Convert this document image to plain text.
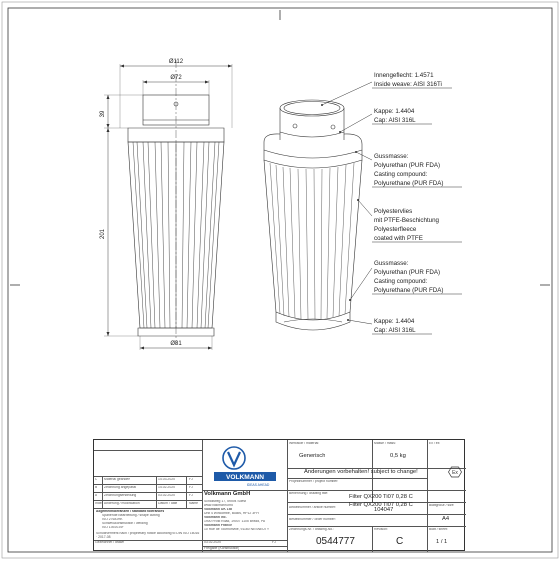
Ø112
Ø72
Ø81
39
201
Innengeflecht: 1.4571
Inside weave: AISI 316Ti
Kappe: 1.4404
Cap: AISI 316L
Gussmasse:
Polyurethan (PUR FDA)
Casting compound:
Polyurethane (PUR FDA)
Polyestervlies
mit PTFE-Beschichtung
Polyesterfleece
coated with PTFE
Gussmasse:
Polyurethan (PUR FDA)
Casting compound:
Polyurethane (PUR FDA)
Kappe: 1.4404
Cap: AISI 316L
VOLKMANN
IDEAS AHEAD
Volkmann GmbH
Schloitweg 17, 59494 Soest
www.volkmann.info
Volkmann UK Ltd
Unit 4 Wincombe, Bucks, HP12 3FH
Volkmann Inc.
1900 Frost Road, 19007 1105 Bristol, PA
Volkmann France
10 Rue de Tournonville, 91160 NESNEUTY
03.02.2020	FJ
Freigabe (Konstruktion)
Gezeichnet / drawn
C Material geändert	14.03.2020	FJ
B Zeichnung angepasst	14.02.2020	FJ
A Zeichnungserstellung	03.02.2020	FJ
Index Änderung / modification	Datum / date	Name
Allgemeintoleranzen / standard tolerances
Spanende Bearbeitung / shape cutting
ISO 2768-mK
Schweißkonstruktion / welding
ISO 13920-BF
Schutzvermerk nach / proprietary notice according to DIN ISO 16016 · 2017-08
Werkstoff / material:
Generisch
Masse / mass:
0,5 kg
Ex / ex:
Ex
Änderungen vorbehalten! subject to change!
Projektnummer / project number:
Benennung / drawing title:
Filter QX200 Ti07 0,28 C
Filter QX200 Ti07 0,28 C
Artikelnummer / article number:	104047
Blattgröße / size:
A4
Bestellnummer / order number:
Zeichnungs-Nr. / drawing-No.:
0544777
Revision:
C
Blatt / sheet:
1 / 1
